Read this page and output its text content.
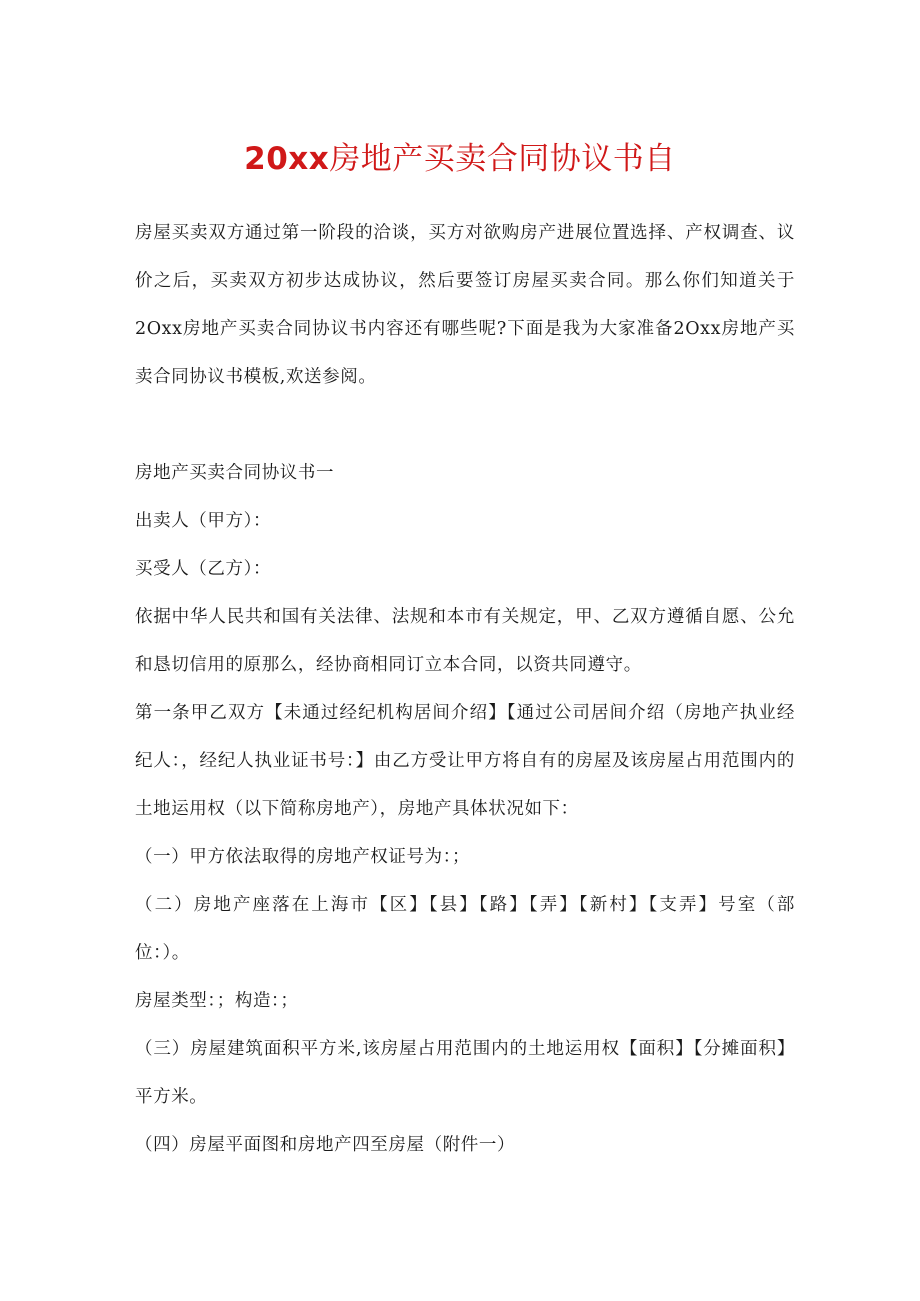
20xx房地产买卖合同协议书自

房屋买卖双方通过第一阶段的洽谈，买方对欲购房产进展位置选择、产权调查、议价之后，买卖双方初步达成协议，然后要签订房屋买卖合同。那么你们知道关于2Oxx房地产买卖合同协议书内容还有哪些呢?下面是我为大家准备2Oxx房地产买卖合同协议书模板,欢送参阅。

房地产买卖合同协议书一

出卖人（甲方）：

买受人（乙方）：

依据中华人民共和国有关法律、法规和本市有关规定，甲、乙双方遵循自愿、公允和恳切信用的原那么，经协商相同订立本合同，以资共同遵守。

第一条甲乙双方【未通过经纪机构居间介绍】【通过公司居间介绍（房地产执业经纪人：，经纪人执业证书号：】由乙方受让甲方将自有的房屋及该房屋占用范围内的土地运用权（以下简称房地产），房地产具体状况如下：

（一）甲方依法取得的房地产权证号为：；

（二）房地产座落在上海市【区】【县】【路】【弄】【新村】【支弄】号室（部位：）。

房屋类型：；构造：；

（三）房屋建筑面积平方米,该房屋占用范围内的土地运用权【面积】【分摊面积】平方米。

（四）房屋平面图和房地产四至房屋（附件一）
